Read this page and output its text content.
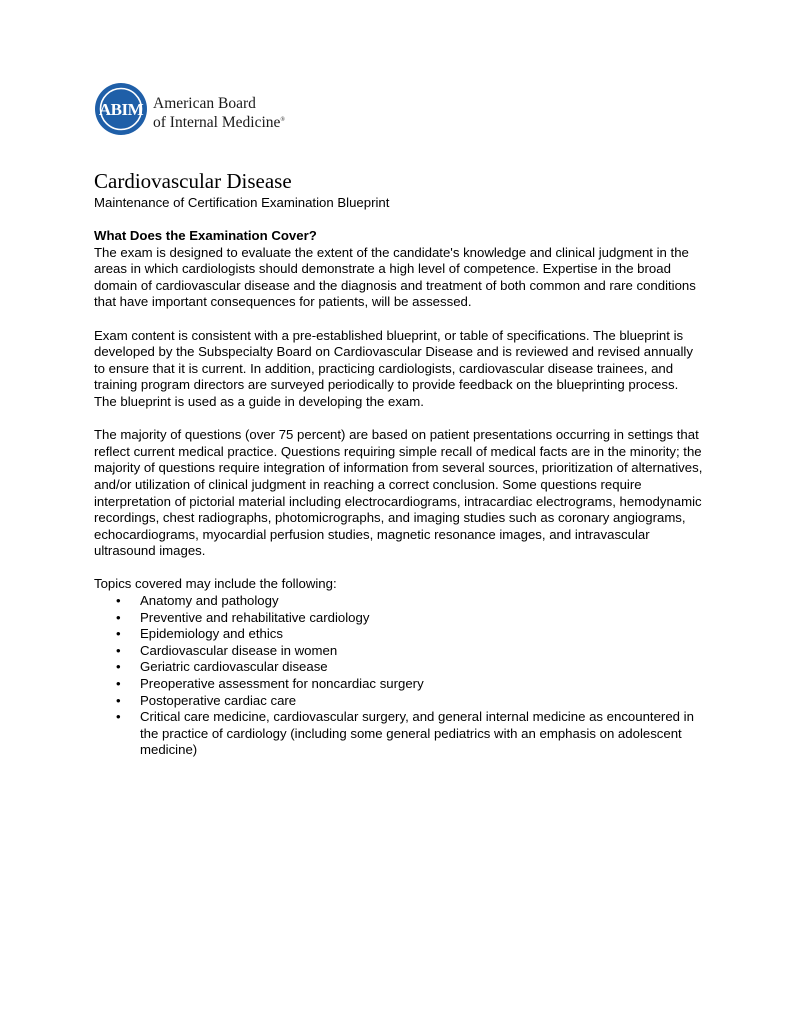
ABIM American Board
of Internal Medicine®
Cardiovascular Disease

Maintenance of Certification Examination Blueprint

What Does the Examination Cover?

The exam is designed to evaluate the extent of the candidate's knowledge and clinical judgment in the areas in which cardiologists should demonstrate a high level of competence. Expertise in the broad domain of cardiovascular disease and the diagnosis and treatment of both common and rare conditions that have important consequences for patients, will be assessed.

Exam content is consistent with a pre-established blueprint, or table of specifications. The blueprint is developed by the Subspecialty Board on Cardiovascular Disease and is reviewed and revised annually to ensure that it is current. In addition, practicing cardiologists, cardiovascular disease trainees, and training program directors are surveyed periodically to provide feedback on the blueprinting process. The blueprint is used as a guide in developing the exam.

The majority of questions (over 75 percent) are based on patient presentations occurring in settings that reflect current medical practice. Questions requiring simple recall of medical facts are in the minority; the majority of questions require integration of information from several sources, prioritization of alternatives, and/or utilization of clinical judgment in reaching a correct conclusion. Some questions require interpretation of pictorial material including electrocardiograms, intracardiac electrograms, hemodynamic recordings, chest radiographs, photomicrographs, and imaging studies such as coronary angiograms, echocardiograms, myocardial perfusion studies, magnetic resonance images, and intravascular ultrasound images.

Topics covered may include the following:

• Anatomy and pathology
• Preventive and rehabilitative cardiology
• Epidemiology and ethics
• Cardiovascular disease in women
• Geriatric cardiovascular disease
• Preoperative assessment for noncardiac surgery
• Postoperative cardiac care
• Critical care medicine, cardiovascular surgery, and general internal medicine as encountered in the practice of cardiology (including some general pediatrics with an emphasis on adolescent medicine)
